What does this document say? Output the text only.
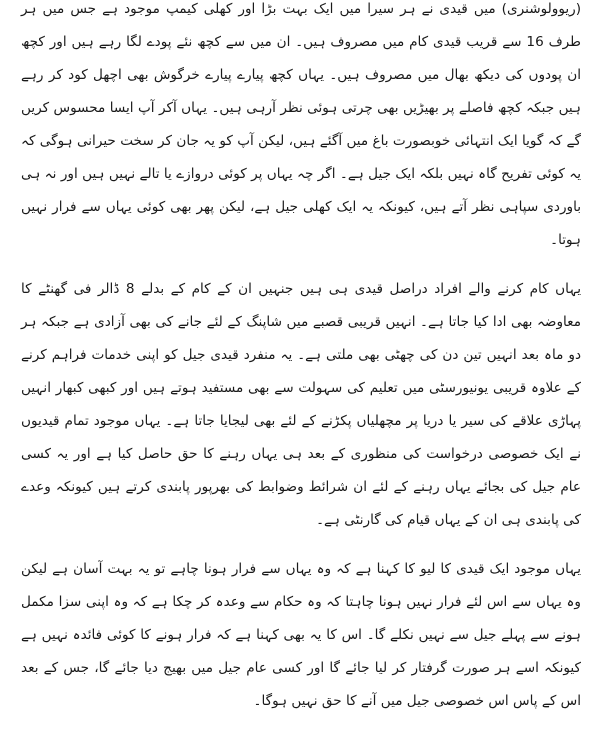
(ریوولوشنری) میں قیدی نے ہر سیرا میں ایک بہت بڑا اور کھلی کیمپ موجود ہے جس میں ہر طرف 16 سے قریب قیدی کام میں مصروف ہیں۔ ان میں سے کچھ نئے پودے لگا رہے ہیں اور کچھ ان پودوں کی دیکھ بھال میں مصروف ہیں۔ یہاں کچھ پیارے پیارے خرگوش بھی اچھل کود کر رہے ہیں جبکہ کچھ فاصلے پر بھیڑیں بھی چرتی ہوئی نظر آرہی ہیں۔ یہاں آکر آپ ایسا محسوس کریں گے کہ گویا ایک انتہائی خوبصورت باغ میں آگئے ہیں، لیکن آپ کو یہ جان کر سخت حیرانی ہوگی کہ یہ کوئی تفریح گاہ نہیں بلکہ ایک جیل ہے۔ اگر چہ یہاں پر کوئی دروازے یا تالے نہیں ہیں اور نہ ہی باوردی سپاہی نظر آتے ہیں، کیونکہ یہ ایک کھلی جیل ہے، لیکن پھر بھی کوئی یہاں سے فرار نہیں ہوتا۔

یہاں کام کرنے والے افراد دراصل قیدی ہی ہیں جنہیں ان کے کام کے بدلے 8 ڈالر فی گھنٹے کا معاوضہ بھی ادا کیا جاتا ہے۔ انہیں قریبی قصبے میں شاپنگ کے لئے جانے کی بھی آزادی ہے جبکہ ہر دو ماہ بعد انہیں تین دن کی چھٹی بھی ملتی ہے۔ یہ منفرد قیدی جیل کو اپنی خدمات فراہم کرنے کے علاوہ قریبی یونیورسٹی میں تعلیم کی سہولت سے بھی مستفید ہوتے ہیں اور کبھی کبھار انہیں پہاڑی علاقے کی سیر یا دریا پر مچھلیاں پکڑنے کے لئے بھی لیجایا جاتا ہے۔ یہاں موجود تمام قیدیوں نے ایک خصوصی درخواست کی منظوری کے بعد ہی یہاں رہنے کا حق حاصل کیا ہے اور یہ کسی عام جیل کی بجائے یہاں رہنے کے لئے ان شرائط وضوابط کی بھرپور پابندی کرتے ہیں کیونکہ وعدے کی پابندی ہی ان کے یہاں قیام کی گارنٹی ہے۔

یہاں موجود ایک قیدی کا لیو کا کہنا ہے کہ وہ یہاں سے فرار ہونا چاہے تو یہ بہت آسان ہے لیکن وہ یہاں سے اس لئے فرار نہیں ہونا چاہتا کہ وہ حکام سے وعدہ کر چکا ہے کہ وہ اپنی سزا مکمل ہونے سے پہلے جیل سے نہیں نکلے گا۔ اس کا یہ بھی کہنا ہے کہ فرار ہونے کا کوئی فائدہ نہیں ہے کیونکہ اسے ہر صورت گرفتار کر لیا جائے گا اور کسی عام جیل میں بھیج دیا جائے گا، جس کے بعد اس کے پاس اس خصوصی جیل میں آنے کا حق نہیں ہوگا۔
